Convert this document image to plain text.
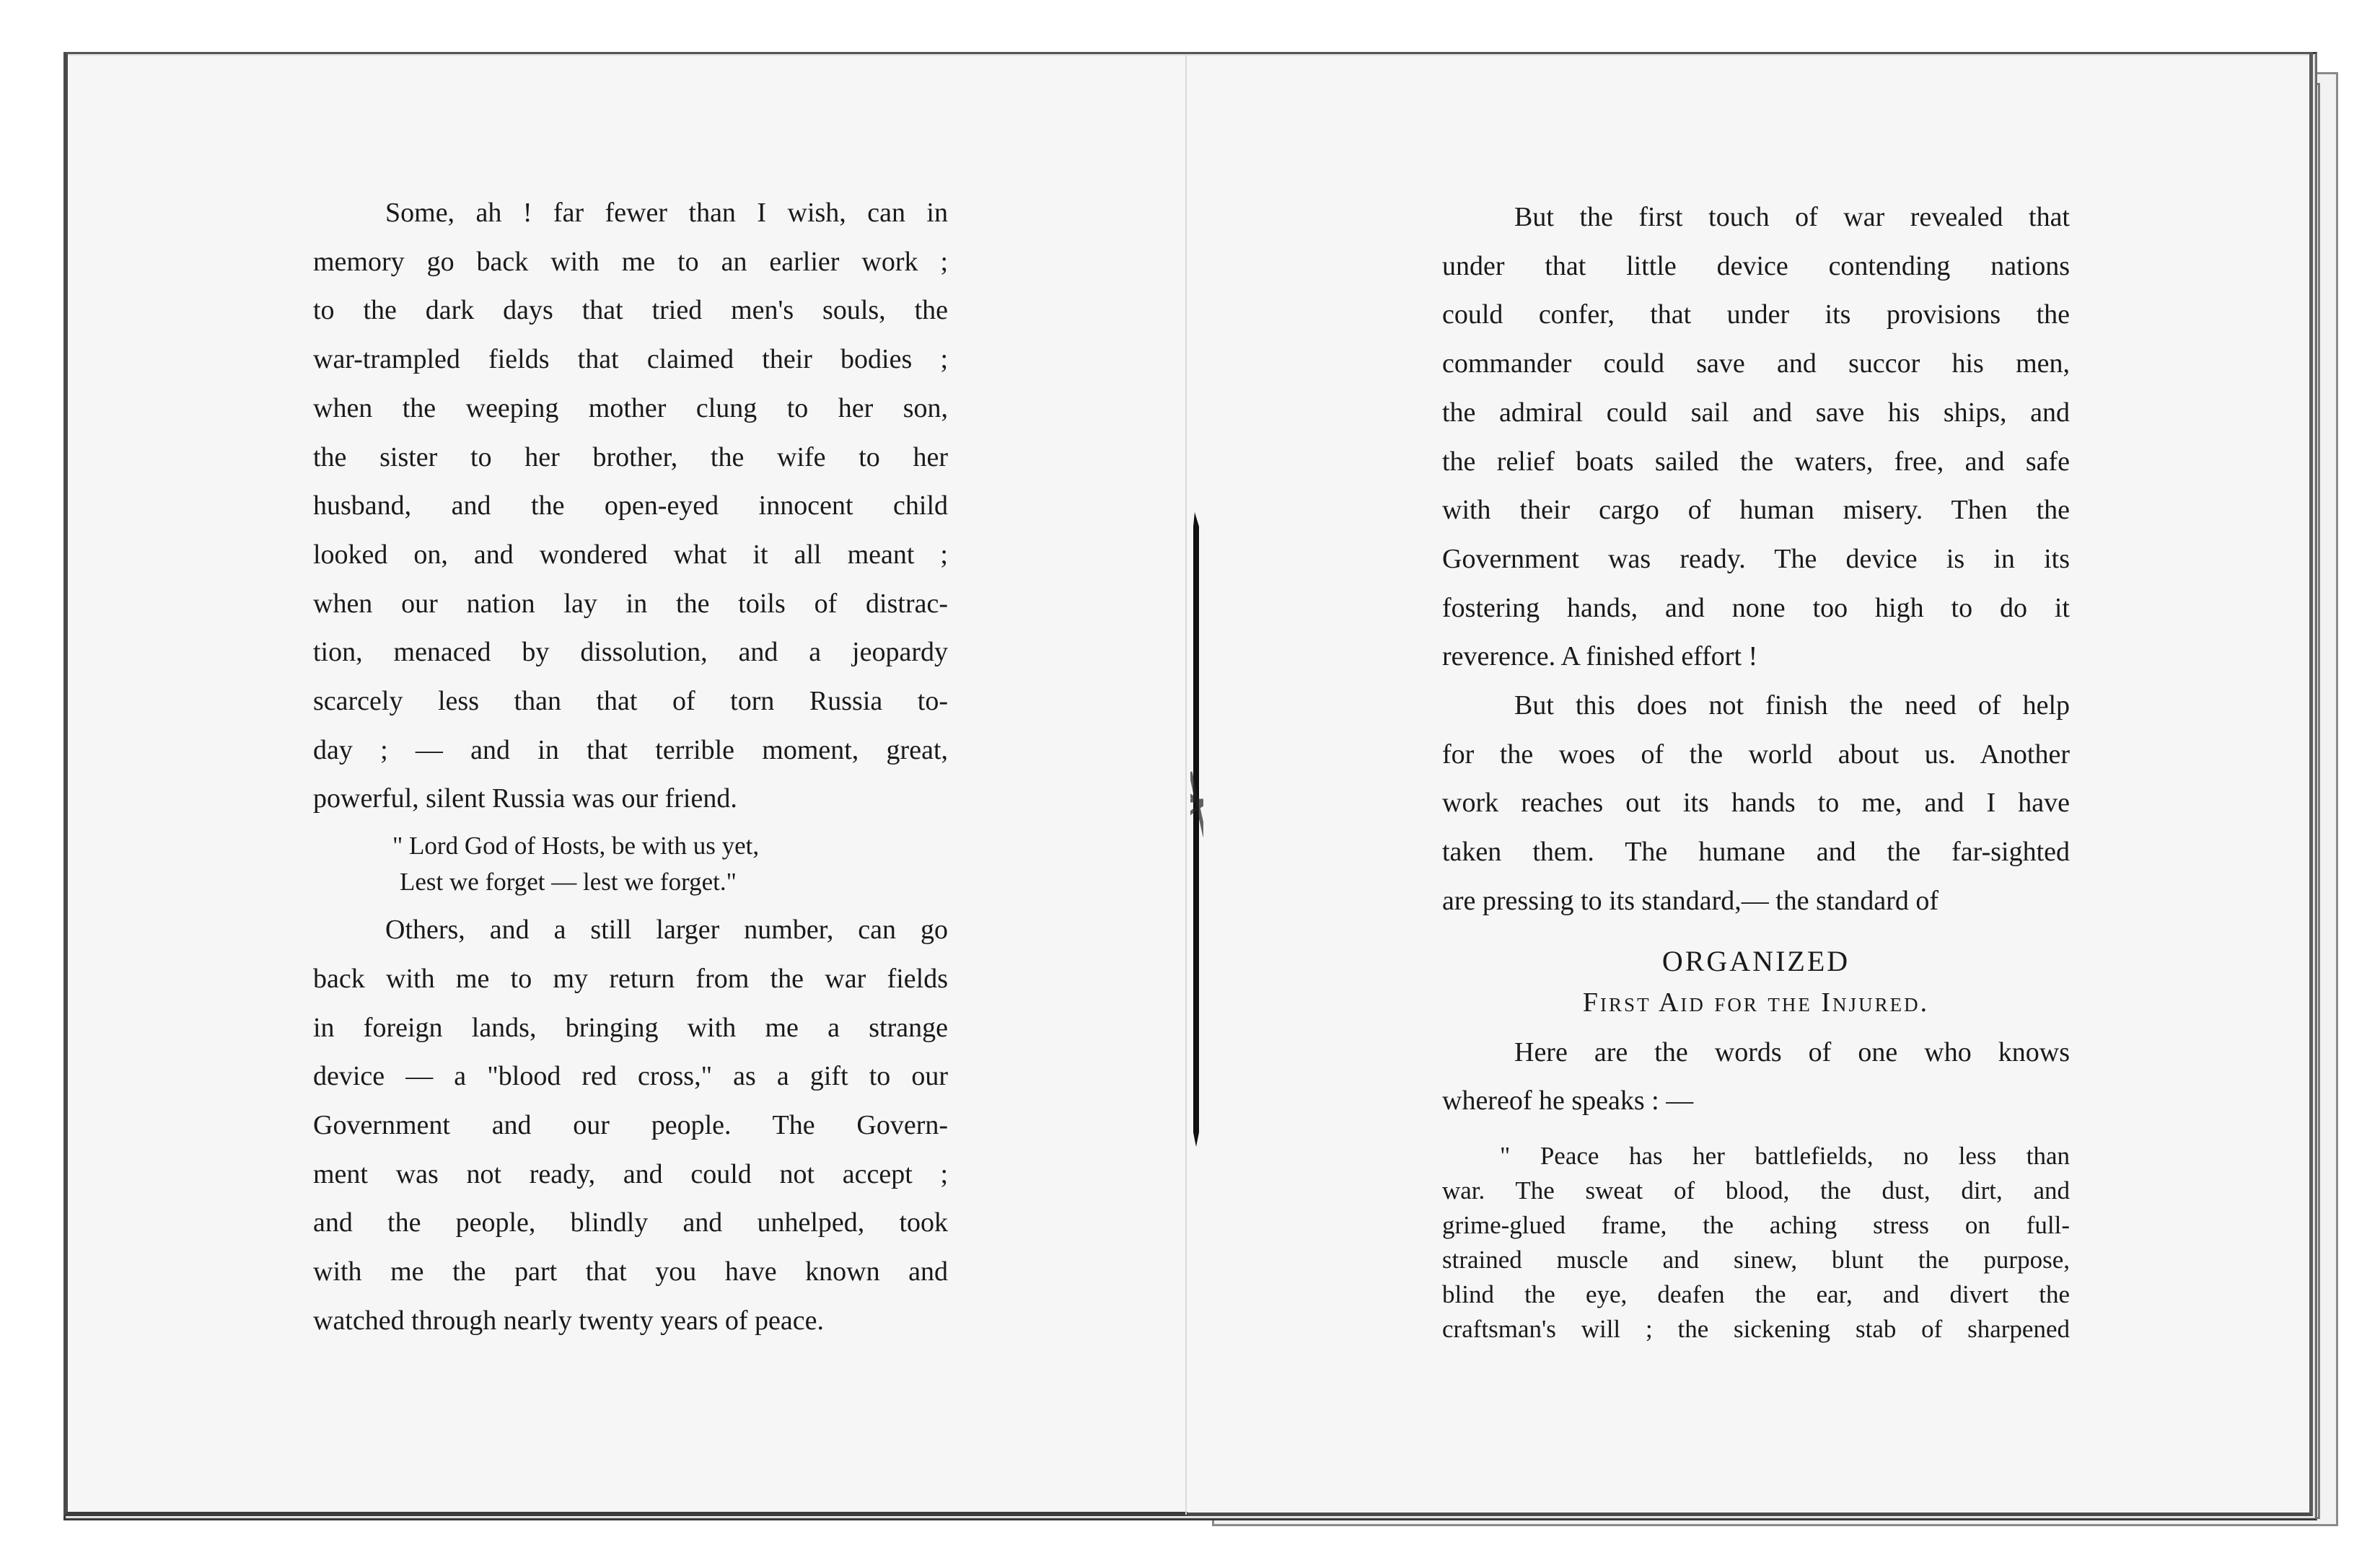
Some, ah ! far fewer than I wish, can in
memory go back with me to an earlier work ;
to the dark days that tried men's souls, the
war-trampled fields that claimed their bodies ;
when the weeping mother clung to her son,
the sister to her brother, the wife to her
husband, and the open-eyed innocent child
looked on, and wondered what it all meant ;
when our nation lay in the toils of distrac-
tion, menaced by dissolution, and a jeopardy
scarcely less than that of torn Russia to-
day ; — and in that terrible moment, great,
powerful, silent Russia was our friend.
" Lord God of Hosts, be with us yet,
Lest we forget — lest we forget."
Others, and a still larger number, can go
back with me to my return from the war fields
in foreign lands, bringing with me a strange
device — a "blood red cross," as a gift to our
Government and our people. The Govern-
ment was not ready, and could not accept ;
and the people, blindly and unhelped, took
with me the part that you have known and
watched through nearly twenty years of peace.
But the first touch of war revealed that
under that little device contending nations
could confer, that under its provisions the
commander could save and succor his men,
the admiral could sail and save his ships, and
the relief boats sailed the waters, free, and safe
with their cargo of human misery. Then the
Government was ready. The device is in its
fostering hands, and none too high to do it
reverence. A finished effort !
But this does not finish the need of help
for the woes of the world about us. Another
work reaches out its hands to me, and I have
taken them. The humane and the far-sighted
are pressing to its standard,— the standard of
ORGANIZED
First Aid for the Injured.
Here are the words of one who knows
whereof he speaks : —
" Peace has her battlefields, no less than
war. The sweat of blood, the dust, dirt, and
grime-glued frame, the aching stress on full-
strained muscle and sinew, blunt the purpose,
blind the eye, deafen the ear, and divert the
craftsman's will ; the sickening stab of sharpened
